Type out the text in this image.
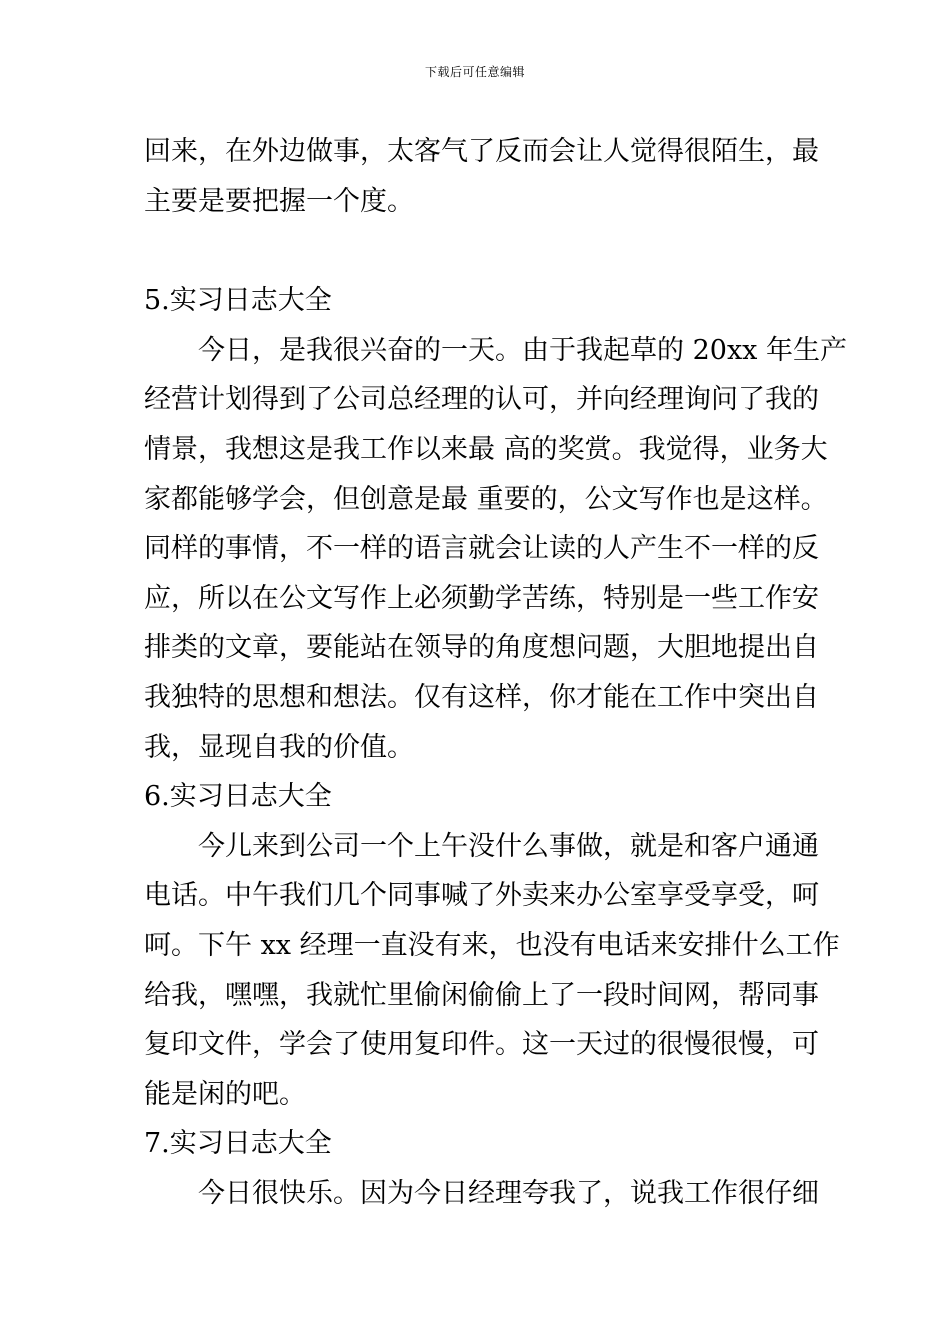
下载后可任意编辑
回来，在外边做事，太客气了反而会让人觉得很陌生，最
主要是要把握一个度。
5.实习日志大全
今日，是我很兴奋的一天。由于我起草的 20xx 年生产
经营计划得到了公司总经理的认可，并向经理询问了我的
情景，我想这是我工作以来最 高的奖赏。我觉得，业务大
家都能够学会，但创意是最 重要的，公文写作也是这样。
同样的事情，不一样的语言就会让读的人产生不一样的反
应，所以在公文写作上必须勤学苦练，特别是一些工作安
排类的文章，要能站在领导的角度想问题，大胆地提出自
我独特的思想和想法。仅有这样，你才能在工作中突出自
我，显现自我的价值。
6.实习日志大全
今儿来到公司一个上午没什么事做，就是和客户通通
电话。中午我们几个同事喊了外卖来办公室享受享受，呵
呵。下午 xx 经理一直没有来，也没有电话来安排什么工作
给我，嘿嘿，我就忙里偷闲偷偷上了一段时间网，帮同事
复印文件，学会了使用复印件。这一天过的很慢很慢，可
能是闲的吧。
7.实习日志大全
今日很快乐。因为今日经理夸我了，说我工作很仔细
